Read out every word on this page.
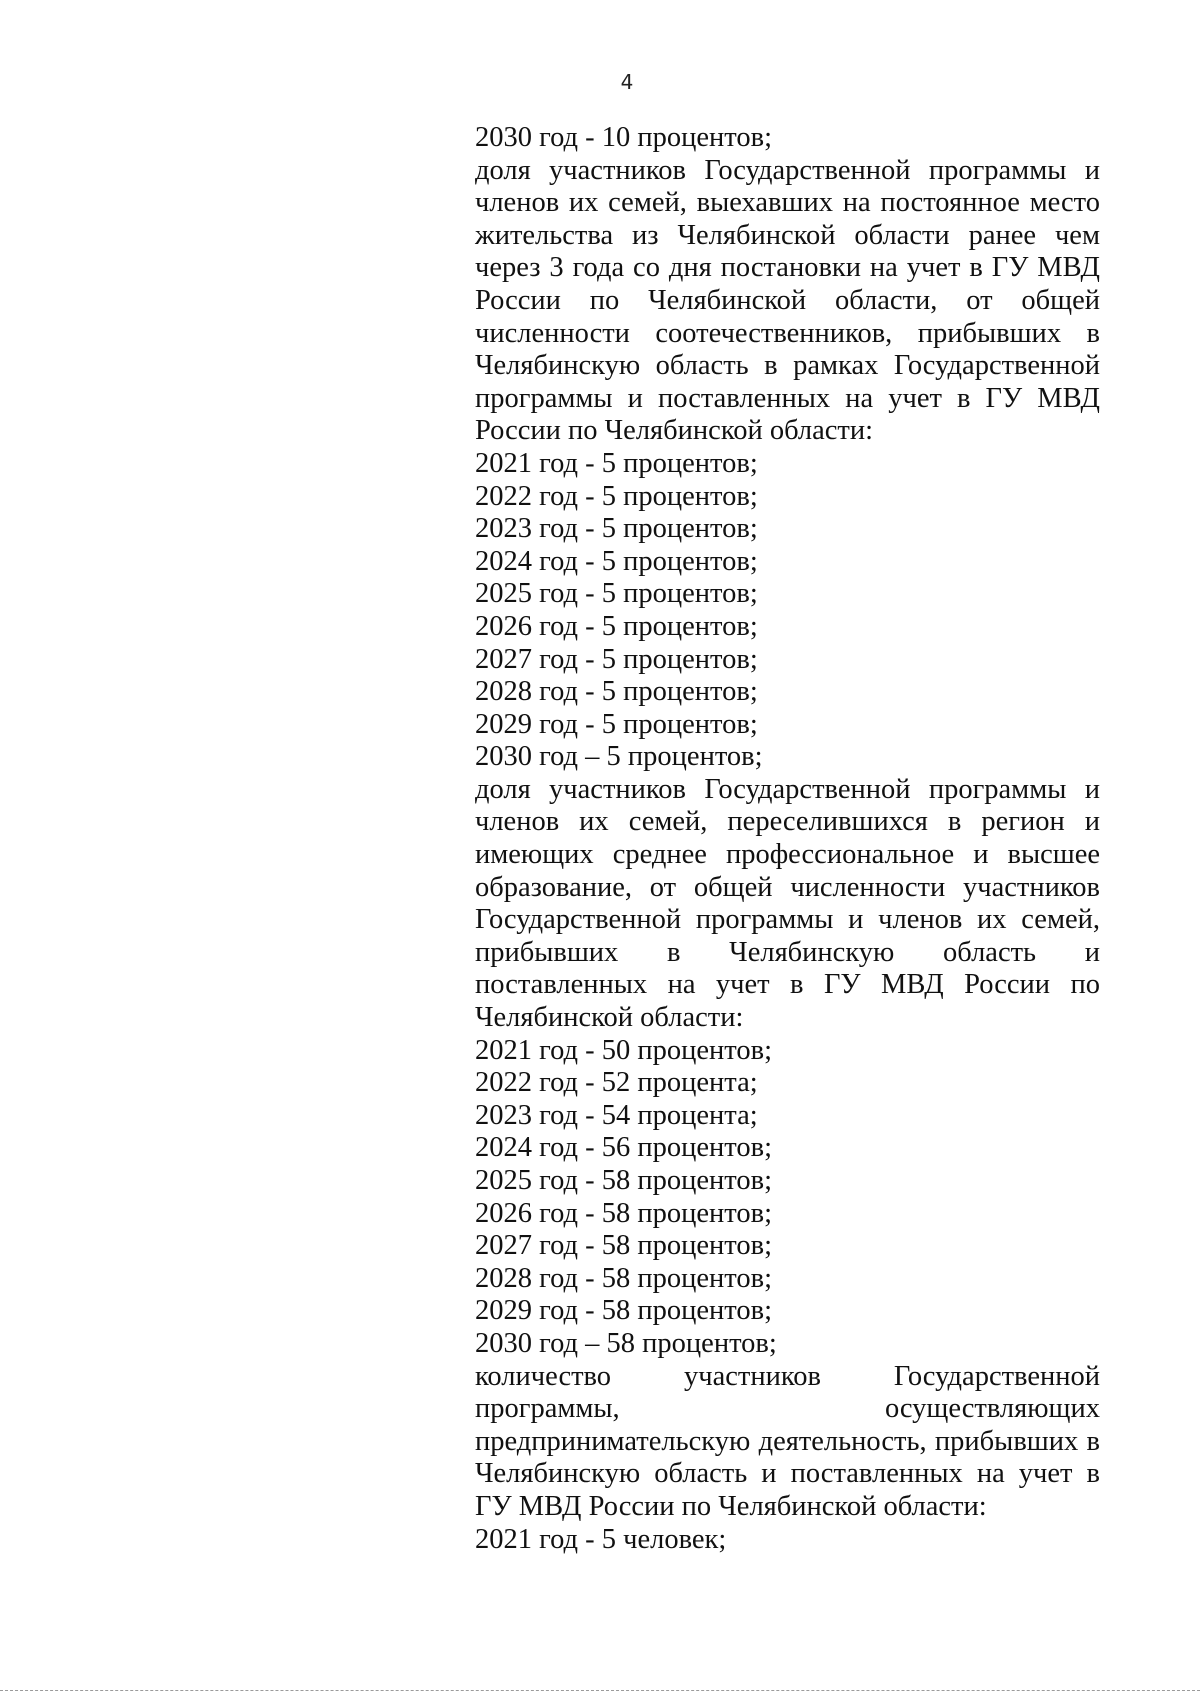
4
2030 год - 10 процентов;
доля участников Государственной программы и членов их семей, выехавших на постоянное место жительства из Челябинской области ранее чем через 3 года со дня постановки на учет в ГУ МВД России по Челябинской области, от общей численности соотечественников, прибывших в Челябинскую область в рамках Государственной программы и поставленных на учет в ГУ МВД России по Челябинской области:
2021 год - 5 процентов;
2022 год - 5 процентов;
2023 год - 5 процентов;
2024 год - 5 процентов;
2025 год - 5 процентов;
2026 год - 5 процентов;
2027 год - 5 процентов;
2028 год - 5 процентов;
2029 год - 5 процентов;
2030 год – 5 процентов;
доля участников Государственной программы и членов их семей, переселившихся в регион и имеющих среднее профессиональное и высшее образование, от общей численности участников Государственной программы и членов их семей, прибывших в Челябинскую область и поставленных на учет в ГУ МВД России по Челябинской области:
2021 год - 50 процентов;
2022 год - 52 процента;
2023 год - 54 процента;
2024 год - 56 процентов;
2025 год - 58 процентов;
2026 год - 58 процентов;
2027 год - 58 процентов;
2028 год - 58 процентов;
2029 год - 58 процентов;
2030 год – 58 процентов;
количество участников Государственной программы, осуществляющих предпринимательскую деятельность, прибывших в Челябинскую область и поставленных на учет в ГУ МВД России по Челябинской области:
2021 год - 5 человек;
